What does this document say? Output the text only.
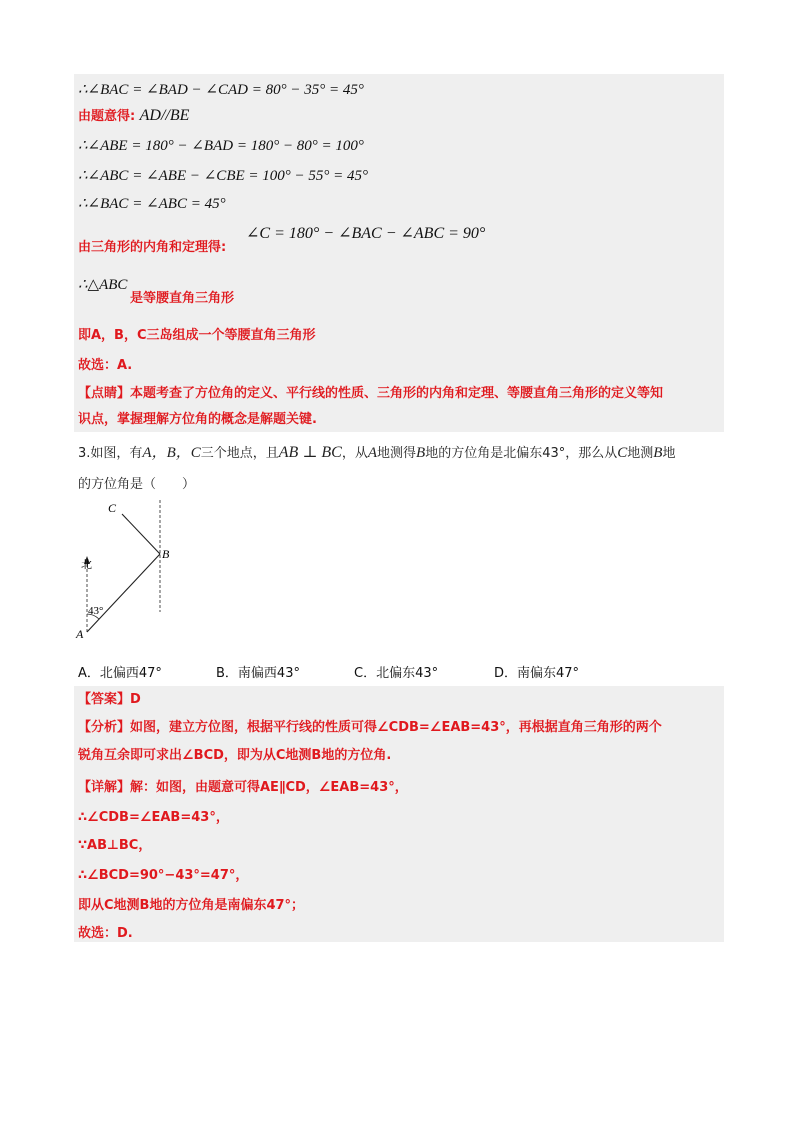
∴∠BAC = ∠BAD − ∠CAD = 80° − 35° = 45°
由题意得: AD//BE
∴∠ABE = 180° − ∠BAD = 180° − 80° = 100°
∴∠ABC = ∠ABE − ∠CBE = 100° − 55° = 45°
∴∠BAC = ∠ABC = 45°
由三角形的内角和定理得:
∠C = 180° − ∠BAC − ∠ABC = 90°
∴△ABC
是等腰直角三角形
即A，B，C三岛组成一个等腰直角三角形
故选：A.
【点睛】本题考查了方位角的定义、平行线的性质、三角形的内角和定理、等腰直角三角形的定义等知
识点，掌握理解方位角的概念是解题关键.
3.如图，有A，B，C三个地点，且AB ⊥ BC，从A地测得B地的方位角是北偏东43°，那么从C地测B地
的方位角是（　　）
C
B
A
北
43°
A．北偏西47°	B．南偏西43°	C．北偏东43°	D．南偏东47°
【答案】D
【分析】如图，建立方位图，根据平行线的性质可得∠CDB=∠EAB=43°，再根据直角三角形的两个
锐角互余即可求出∠BCD，即为从C地测B地的方位角.
【详解】解：如图，由题意可得AE∥CD，∠EAB=43°，
∴∠CDB=∠EAB=43°，
∵AB⊥BC，
∴∠BCD=90°−43°=47°，
即从C地测B地的方位角是南偏东47°；
故选：D.
